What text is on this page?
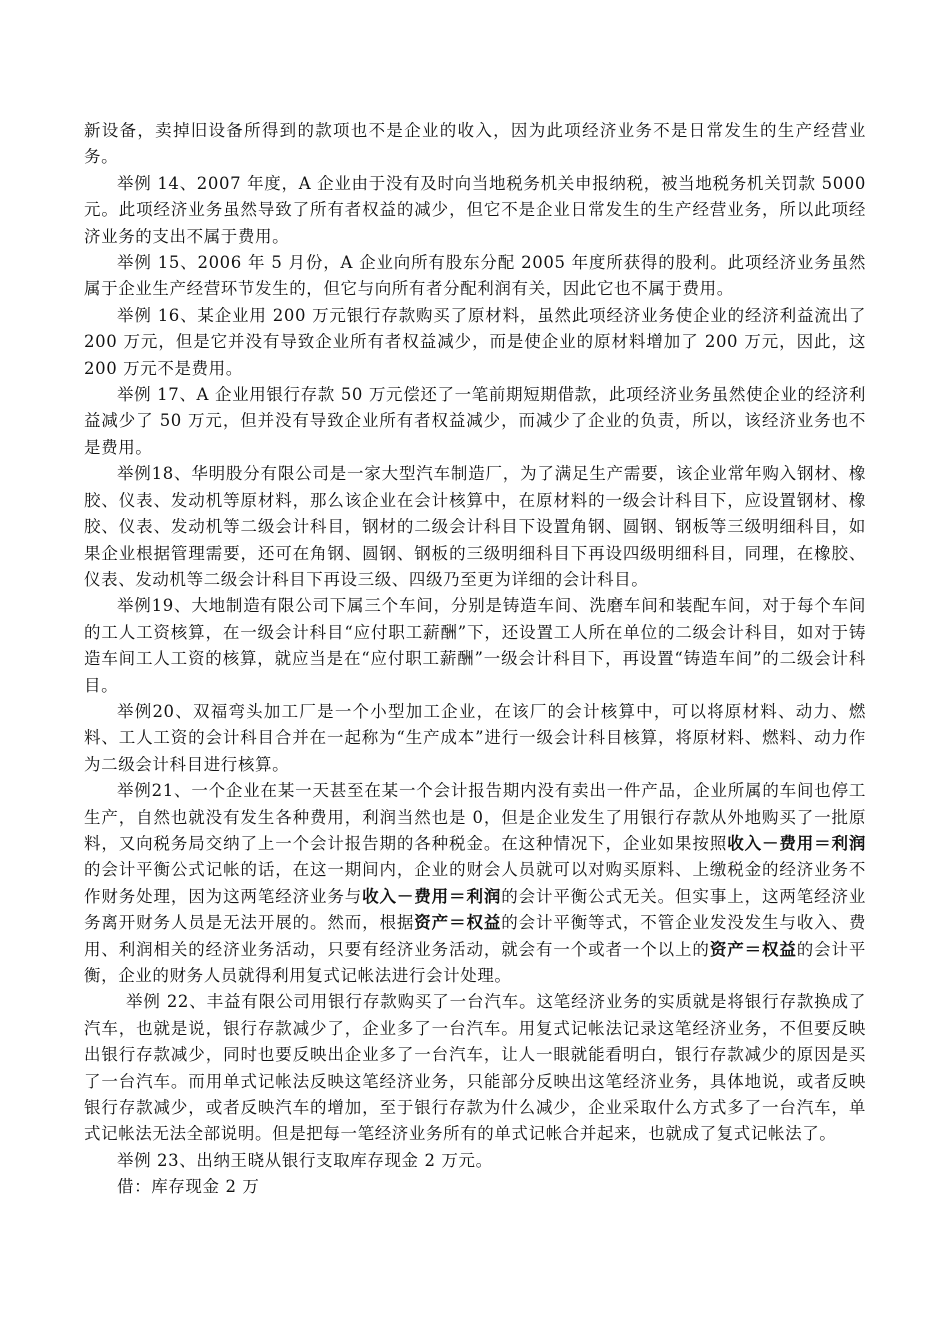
新设备，卖掉旧设备所得到的款项也不是企业的收入，因为此项经济业务不是日常发生的生产经营业务。

举例 14、2007 年度，A 企业由于没有及时向当地税务机关申报纳税，被当地税务机关罚款 5000 元。此项经济业务虽然导致了所有者权益的减少，但它不是企业日常发生的生产经营业务，所以此项经济业务的支出不属于费用。

举例 15、2006 年 5 月份，A 企业向所有股东分配 2005 年度所获得的股利。此项经济业务虽然属于企业生产经营环节发生的，但它与向所有者分配利润有关，因此它也不属于费用。

举例 16、某企业用 200 万元银行存款购买了原材料，虽然此项经济业务使企业的经济利益流出了 200 万元，但是它并没有导致企业所有者权益减少，而是使企业的原材料增加了 200 万元，因此，这 200 万元不是费用。

举例 17、A 企业用银行存款 50 万元偿还了一笔前期短期借款，此项经济业务虽然使企业的经济利益减少了 50 万元，但并没有导致企业所有者权益减少，而减少了企业的负责，所以，该经济业务也不是费用。

举例18、华明股分有限公司是一家大型汽车制造厂，为了满足生产需要，该企业常年购入钢材、橡胶、仪表、发动机等原材料，那么该企业在会计核算中，在原材料的一级会计科目下，应设置钢材、橡胶、仪表、发动机等二级会计科目，钢材的二级会计科目下设置角钢、圆钢、钢板等三级明细科目，如果企业根据管理需要，还可在角钢、圆钢、钢板的三级明细科目下再设四级明细科目，同理，在橡胶、仪表、发动机等二级会计科目下再设三级、四级乃至更为详细的会计科目。

举例19、大地制造有限公司下属三个车间，分别是铸造车间、洗磨车间和装配车间，对于每个车间的工人工资核算，在一级会计科目“应付职工薪酬”下，还设置工人所在单位的二级会计科目，如对于铸造车间工人工资的核算，就应当是在“应付职工薪酬”一级会计科目下，再设置“铸造车间”的二级会计科目。

举例20、双福弯头加工厂是一个小型加工企业，在该厂的会计核算中，可以将原材料、动力、燃料、工人工资的会计科目合并在一起称为“生产成本”进行一级会计科目核算，将原材料、燃料、动力作为二级会计科目进行核算。

举例21、一个企业在某一天甚至在某一个会计报告期内没有卖出一件产品，企业所属的车间也停工生产，自然也就没有发生各种费用，利润当然也是 0，但是企业发生了用银行存款从外地购买了一批原料，又向税务局交纳了上一个会计报告期的各种税金。在这种情况下，企业如果按照收入－费用＝利润的会计平衡公式记帐的话，在这一期间内，企业的财会人员就可以对购买原料、上缴税金的经济业务不作财务处理，因为这两笔经济业务与收入－费用＝利润的会计平衡公式无关。但实事上，这两笔经济业务离开财务人员是无法开展的。然而，根据资产＝权益的会计平衡等式，不管企业发没发生与收入、费用、利润相关的经济业务活动，只要有经济业务活动，就会有一个或者一个以上的资产＝权益的会计平衡，企业的财务人员就得利用复式记帐法进行会计处理。

举例 22、丰益有限公司用银行存款购买了一台汽车。这笔经济业务的实质就是将银行存款换成了汽车，也就是说，银行存款减少了，企业多了一台汽车。用复式记帐法记录这笔经济业务，不但要反映出银行存款减少，同时也要反映出企业多了一台汽车，让人一眼就能看明白，银行存款减少的原因是买了一台汽车。而用单式记帐法反映这笔经济业务，只能部分反映出这笔经济业务，具体地说，或者反映银行存款减少，或者反映汽车的增加，至于银行存款为什么减少，企业采取什么方式多了一台汽车，单式记帐法无法全部说明。但是把每一笔经济业务所有的单式记帐合并起来，也就成了复式记帐法了。

举例 23、出纳王晓从银行支取库存现金 2 万元。

借：库存现金 2 万
